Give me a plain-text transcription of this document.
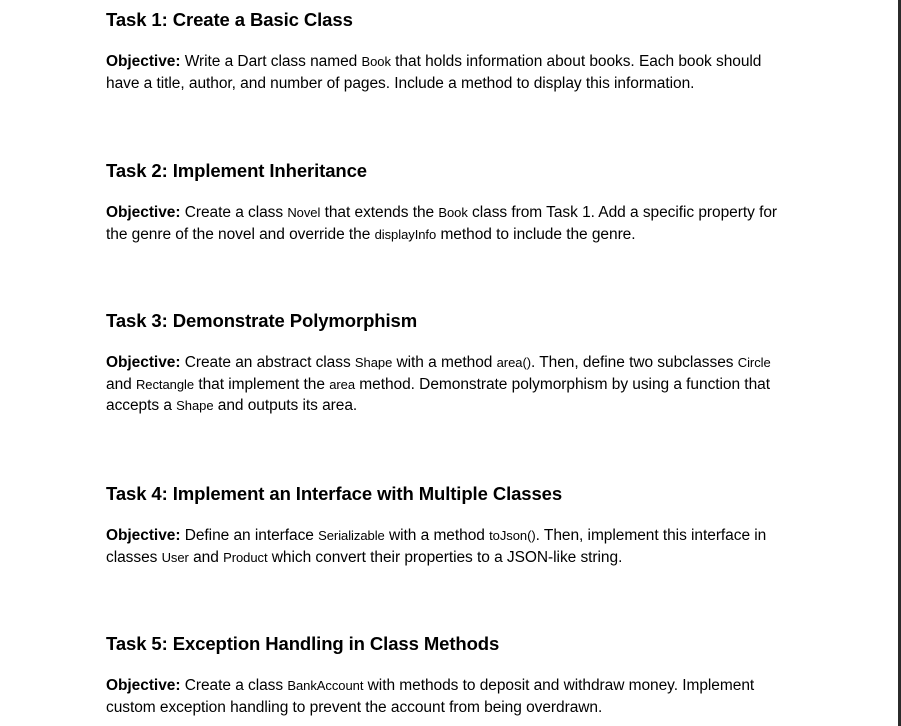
Task 1: Create a Basic Class

Objective: Write a Dart class named Book that holds information about books. Each book should have a title, author, and number of pages. Include a method to display this information.

Task 2: Implement Inheritance

Objective: Create a class Novel that extends the Book class from Task 1. Add a specific property for the genre of the novel and override the displayInfo method to include the genre.

Task 3: Demonstrate Polymorphism

Objective: Create an abstract class Shape with a method area(). Then, define two subclasses Circle and Rectangle that implement the area method. Demonstrate polymorphism by using a function that accepts a Shape and outputs its area.

Task 4: Implement an Interface with Multiple Classes

Objective: Define an interface Serializable with a method toJson(). Then, implement this interface in classes User and Product which convert their properties to a JSON-like string.

Task 5: Exception Handling in Class Methods

Objective: Create a class BankAccount with methods to deposit and withdraw money. Implement custom exception handling to prevent the account from being overdrawn.
